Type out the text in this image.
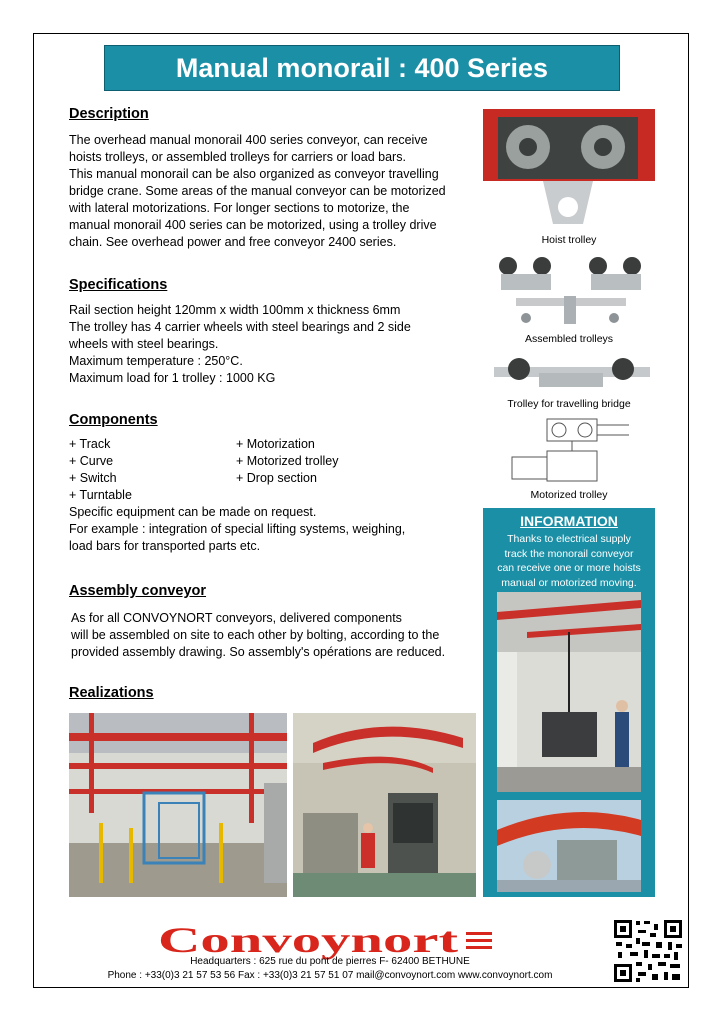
Manual monorail : 400 Series
Description

The overhead manual monorail 400 series conveyor, can receive

hoists trolleys, or assembled trolleys for carriers or load bars.

This manual monorail can be also organized as conveyor travelling

bridge crane. Some areas of the manual conveyor can be motorized

with lateral motorizations. For longer sections to motorize, the

manual monorail 400 series can be motorized, using a trolley drive

chain. See overhead power and free conveyor 2400 series.

Specifications

Rail section height 120mm x width 100mm x thickness 6mm

The trolley has 4 carrier wheels with steel bearings and 2 side

wheels with steel bearings.

Maximum temperature : 250°C.

Maximum load for 1 trolley : 1000 KG

Components
+ Track
+ Curve
+ Switch
+ Turntable
+ Motorization
+ Motorized trolley
+ Drop section

Specific equipment can be made on request.

For example : integration of special lifting systems, weighing,

load bars for transported parts etc.

Assembly conveyor

As for all CONVOYNORT conveyors, delivered components

will be assembled on site to each other by bolting, according to the

provided assembly drawing. So assembly's opérations are reduced.

Realizations
Hoist trolley
Assembled trolleys
Trolley for travelling bridge
Motorized trolley
INFORMATION
Thanks to electrical supply
track the monorail conveyor
can receive one or more hoists
manual or motorized moving.
Convoynort
Headquarters : 625 rue du pont de pierres F- 62400 BETHUNE
Phone : +33(0)3 21 57 53 56 Fax : +33(0)3 21 57 51 07 mail@convoynort.com www.convoynort.com
